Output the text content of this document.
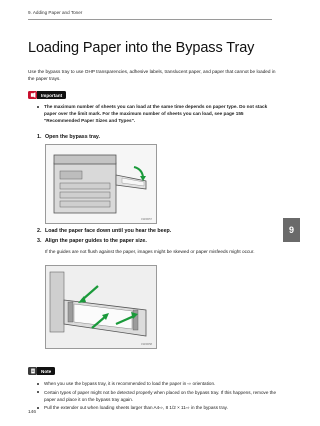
9. Adding Paper and Toner
Loading Paper into the Bypass Tray
Use the bypass tray to use OHP transparencies, adhesive labels, translucent paper, and paper that cannot be loaded in the paper trays.
Important
The maximum number of sheets you can load at the same time depends on paper type. Do not stack paper over the limit mark. For the maximum number of sheets you can load, see page 155 "Recommended Paper Sizes and Types".
1. Open the bypass tray.
CWW057
2. Load the paper face down until you hear the beep.
3. Align the paper guides to the paper size.
If the guides are not flush against the paper, images might be skewed or paper misfeeds might occur.
CWW058
Note
When you use the bypass tray, it is recommended to load the paper in ⇨ orientation.
Certain types of paper might not be detected properly when placed on the bypass tray. If this happens, remove the paper and place it on the bypass tray again.
Pull the extender out when loading sheets larger than A4⇨, 8 1/2 × 11⇨ in the bypass tray.
9
146
